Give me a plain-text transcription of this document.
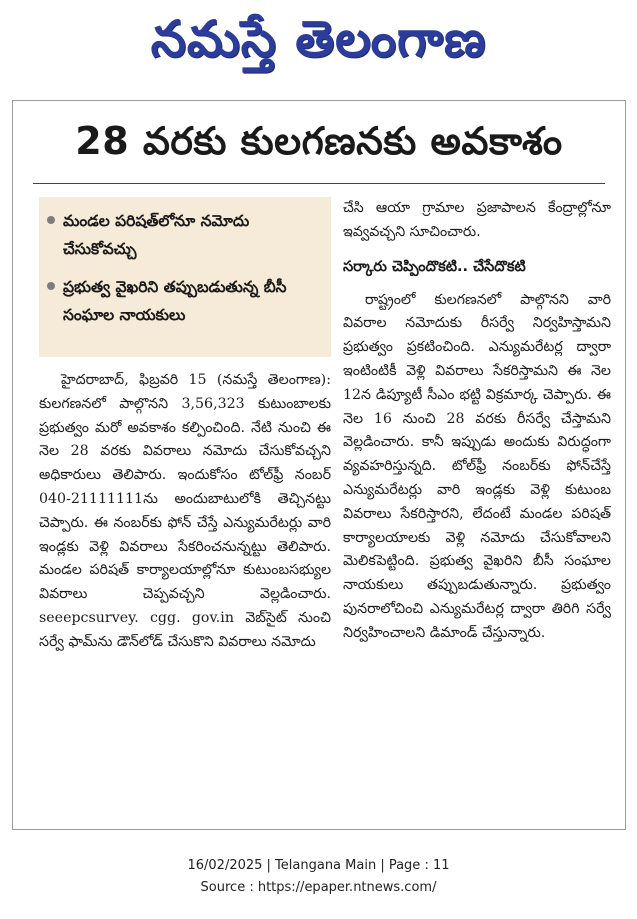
నమస్తే తెలంగాణ
28 వరకు కులగణనకు అవకాశం
మండల పరిషత్‌లోనూ నమోదు చేసుకోవచ్చు
ప్రభుత్వ వైఖరిని తప్పుబడుతున్న బీసీ సంఘాల నాయకులు

హైదరాబాద్, ఫిబ్రవరి 15 (నమస్తే తెలంగాణ): కులగణనలో పాల్గొనని 3,56,323 కుటుంబాలకు ప్రభుత్వం మరో అవకాశం కల్పించింది. నేటి నుంచి ఈ నెల 28 వరకు వివరాలు నమోదు చేసుకోవచ్చని అధికారులు తెలిపారు. ఇందుకోసం టోల్‌ఫ్రీ నంబర్ 040-21111111ను అందుబాటులోకి తెచ్చినట్టు చెప్పారు. ఈ నంబర్‌కు ఫోన్ చేస్తే ఎన్యుమరేటర్లు వారి ఇండ్లకు వెళ్లి వివరాలు సేకరించనున్నట్టు తెలిపారు. మండల పరిషత్ కార్యాలయాల్లోనూ కుటుంబసభ్యుల వివరాలు చెప్పవచ్చని వెల్లడించారు. seeepcsurvey. cgg. gov.in వెబ్‌సైట్ నుంచి సర్వే ఫామ్‌ను డౌన్‌లోడ్ చేసుకొని వివరాలు నమోదు

చేసి ఆయా గ్రామాల ప్రజాపాలన కేంద్రాల్లోనూ ఇవ్వవచ్చని సూచించారు.

సర్కారు చెప్పిందొకటి.. చేసేదొకటి

రాష్ట్రంలో కులగణనలో పాల్గొనని వారి వివరాల నమోదుకు రీసర్వే నిర్వహిస్తామని ప్రభుత్వం ప్రకటించింది. ఎన్యుమరేటర్ల ద్వారా ఇంటింటికీ వెళ్లి వివరాలు సేకరిస్తామని ఈ నెల 12న డిప్యూటీ సీఎం భట్టి విక్రమార్క చెప్పారు. ఈ నెల 16 నుంచి 28 వరకు రీసర్వే చేస్తామని వెల్లడించారు. కానీ ఇప్పుడు అందుకు విరుద్ధంగా వ్యవహరిస్తున్నది. టోల్‌ఫ్రీ నంబర్‌కు ఫోన్‌చేస్తే ఎన్యుమరేటర్లు వారి ఇండ్లకు వెళ్లి కుటుంబ వివరాలు సేకరిస్తారని, లేదంటే మండల పరిషత్ కార్యాలయాలకు వెళ్లి నమోదు చేసుకోవాలని మెలికపెట్టింది. ప్రభుత్వ వైఖరిని బీసీ సంఘాల నాయకులు తప్పుబడుతున్నారు. ప్రభుత్వం పునరాలోచించి ఎన్యుమరేటర్ల ద్వారా తిరిగి సర్వే నిర్వహించాలని డిమాండ్ చేస్తున్నారు.

16/02/2025 | Telangana Main | Page : 11
Source : https://epaper.ntnews.com/
